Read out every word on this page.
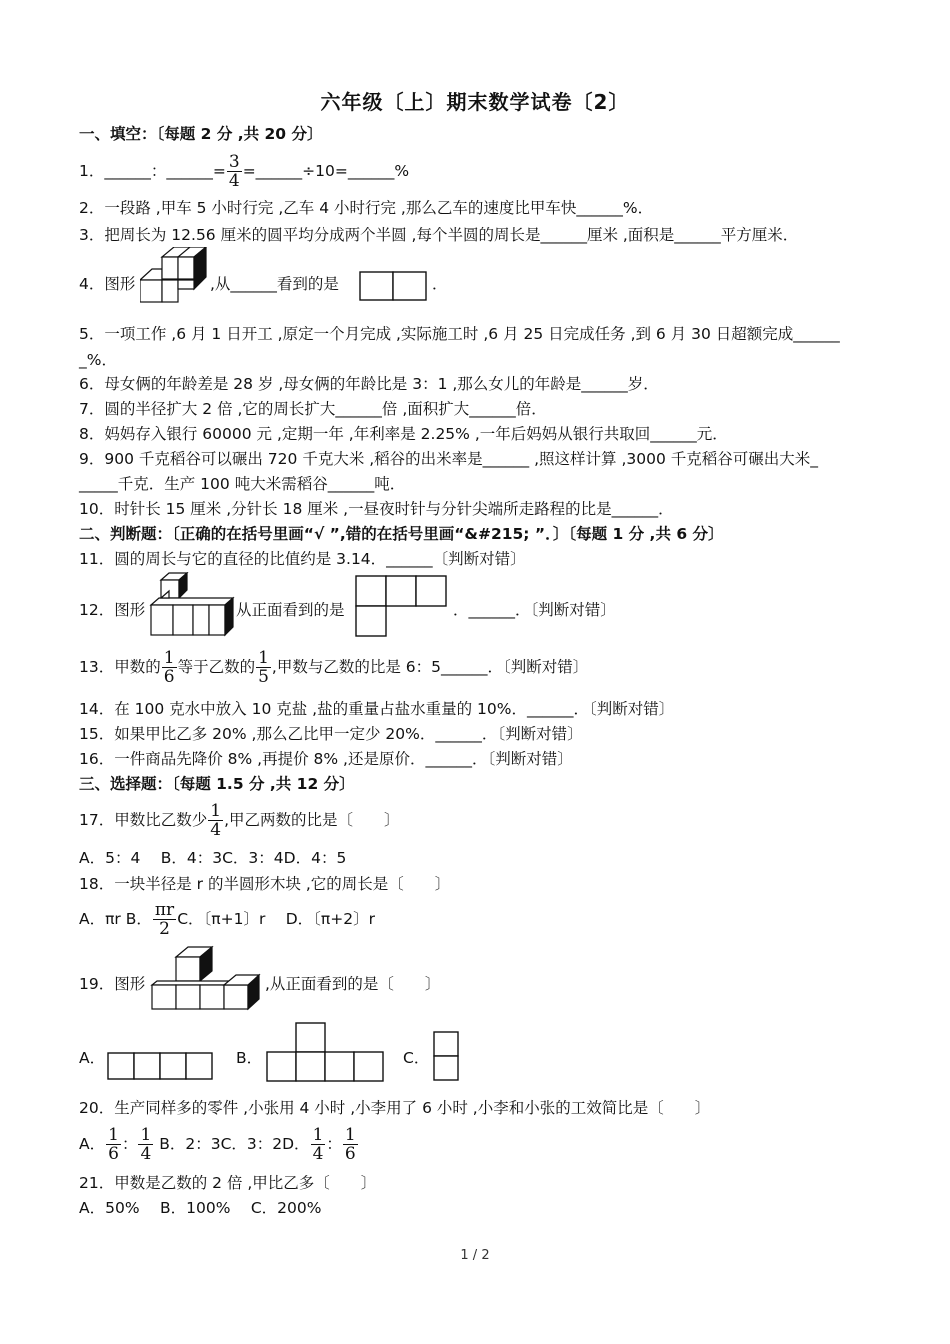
六年级〔上〕期末数学试卷〔2〕
一、填空：〔每题 2 分 ,共 20 分〕
1．______：______= $\frac{3}{4}$ =______÷10=______%
2．一段路 ,甲车 5 小时行完 ,乙车 4 小时行完 ,那么乙车的速度比甲车快______%．
3．把周长为 12.56 厘米的圆平均分成两个半圆 ,每个半圆的周长是______厘米 ,面积是______平方厘米．
4．图形	,从______看到的是	．
5．一项工作 ,6 月 1 日开工 ,原定一个月完成 ,实际施工时 ,6 月 25 日完成任务 ,到 6 月 30 日超额完成______
_%．
6．母女俩的年龄差是 28 岁 ,母女俩的年龄比是 3：1 ,那么女儿的年龄是______岁．
7．圆的半径扩大 2 倍 ,它的周长扩大______倍 ,面积扩大______倍．
8．妈妈存入银行 60000 元 ,定期一年 ,年利率是 2.25% ,一年后妈妈从银行共取回______元．
9．900 千克稻谷可以碾出 720 千克大米 ,稻谷的出米率是______ ,照这样计算 ,3000 千克稻谷可碾出大米_
_____千克．生产 100 吨大米需稻谷______吨．
10．时针长 15 厘米 ,分针长 18 厘米 ,一昼夜时针与分针尖端所走路程的比是______．
二、判断题：〔正确的在括号里画“√ ”,错的在括号里画“&#215; ”．〕〔每题 1 分 ,共 6 分〕
11．圆的周长与它的直径的比值约是 3.14．______〔判断对错〕
12．图形	从正面看到的是	．______．〔判断对错〕
13．甲数的 $\frac{1}{6}$ 等于乙数的 $\frac{1}{5}$ ,甲数与乙数的比是 6：5______．〔判断对错〕
14．在 100 克水中放入 10 克盐 ,盐的重量占盐水重量的 10%．______．〔判断对错〕
15．如果甲比乙多 20% ,那么乙比甲一定少 20%．______．〔判断对错〕
16．一件商品先降价 8% ,再提价 8% ,还是原价．______．〔判断对错〕
三、选择题：〔每题 1.5 分 ,共 12 分〕
17．甲数比乙数少 $\frac{1}{4}$ ,甲乙两数的比是〔　　〕
A．5：4　 B．4：3C．3：4D．4：5
18．一块半径是 r 的半圆形木块 ,它的周长是〔　　〕
A．πr B． $\frac{\pi r}{2}$ C．〔π+1〕r　 D．〔π+2〕r
19．图形	,从正面看到的是〔　　〕
A．	B．	C．
20．生产同样多的零件 ,小张用 4 小时 ,小李用了 6 小时 ,小李和小张的工效简比是〔　　〕
A． $\frac{1}{6}$ ： $\frac{1}{4}$ B．2：3C．3：2D． $\frac{1}{4}$ ： $\frac{1}{6}$
21．甲数是乙数的 2 倍 ,甲比乙多〔　　〕
A．50%　 B．100%　 C．200%
1 / 2
